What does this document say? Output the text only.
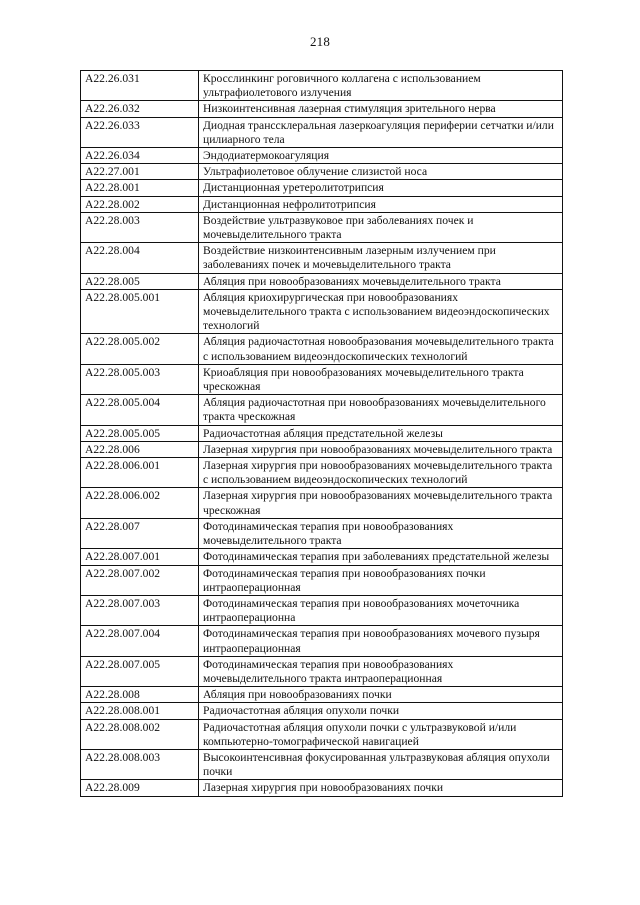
218
A22.26.031	Кросслинкинг роговичного коллагена с использованием ультрафиолетового излучения
A22.26.032	Низкоинтенсивная лазерная стимуляция зрительного нерва
A22.26.033	Диодная транссклеральная лазеркоагуляция периферии сетчатки и/или цилиарного тела
A22.26.034	Эндодиатермокоагуляция
A22.27.001	Ультрафиолетовое облучение слизистой носа
A22.28.001	Дистанционная уретеролитотрипсия
A22.28.002	Дистанционная нефролитотрипсия
A22.28.003	Воздействие ультразвуковое при заболеваниях почек и мочевыделительного тракта
A22.28.004	Воздействие низкоинтенсивным лазерным излучением при заболеваниях почек и мочевыделительного тракта
A22.28.005	Абляция при новообразованиях мочевыделительного тракта
A22.28.005.001	Абляция криохирургическая при новообразованиях мочевыделительного тракта с использованием видеоэндоскопических технологий
A22.28.005.002	Абляция радиочастотная новообразования мочевыделительного тракта с использованием видеоэндоскопических технологий
A22.28.005.003	Криоабляция при новообразованиях мочевыделительного тракта чрескожная
A22.28.005.004	Абляция радиочастотная при новообразованиях мочевыделительного тракта чрескожная
A22.28.005.005	Радиочастотная абляция предстательной железы
A22.28.006	Лазерная хирургия при новообразованиях мочевыделительного тракта
A22.28.006.001	Лазерная хирургия при новообразованиях мочевыделительного тракта с использованием видеоэндоскопических технологий
A22.28.006.002	Лазерная хирургия при новообразованиях мочевыделительного тракта чрескожная
A22.28.007	Фотодинамическая терапия при новообразованиях мочевыделительного тракта
A22.28.007.001	Фотодинамическая терапия при заболеваниях предстательной железы
A22.28.007.002	Фотодинамическая терапия при новообразованиях почки интраоперационная
A22.28.007.003	Фотодинамическая терапия при новообразованиях мочеточника интраоперационна
A22.28.007.004	Фотодинамическая терапия при новообразованиях мочевого пузыря интраоперационная
A22.28.007.005	Фотодинамическая терапия при новообразованиях мочевыделительного тракта интраоперационная
A22.28.008	Абляция при новообразованиях почки
A22.28.008.001	Радиочастотная абляция опухоли почки
A22.28.008.002	Радиочастотная абляция опухоли почки с ультразвуковой и/или компьютерно-томографической навигацией
A22.28.008.003	Высокоинтенсивная фокусированная ультразвуковая абляция опухоли почки
A22.28.009	Лазерная хирургия при новообразованиях почки
